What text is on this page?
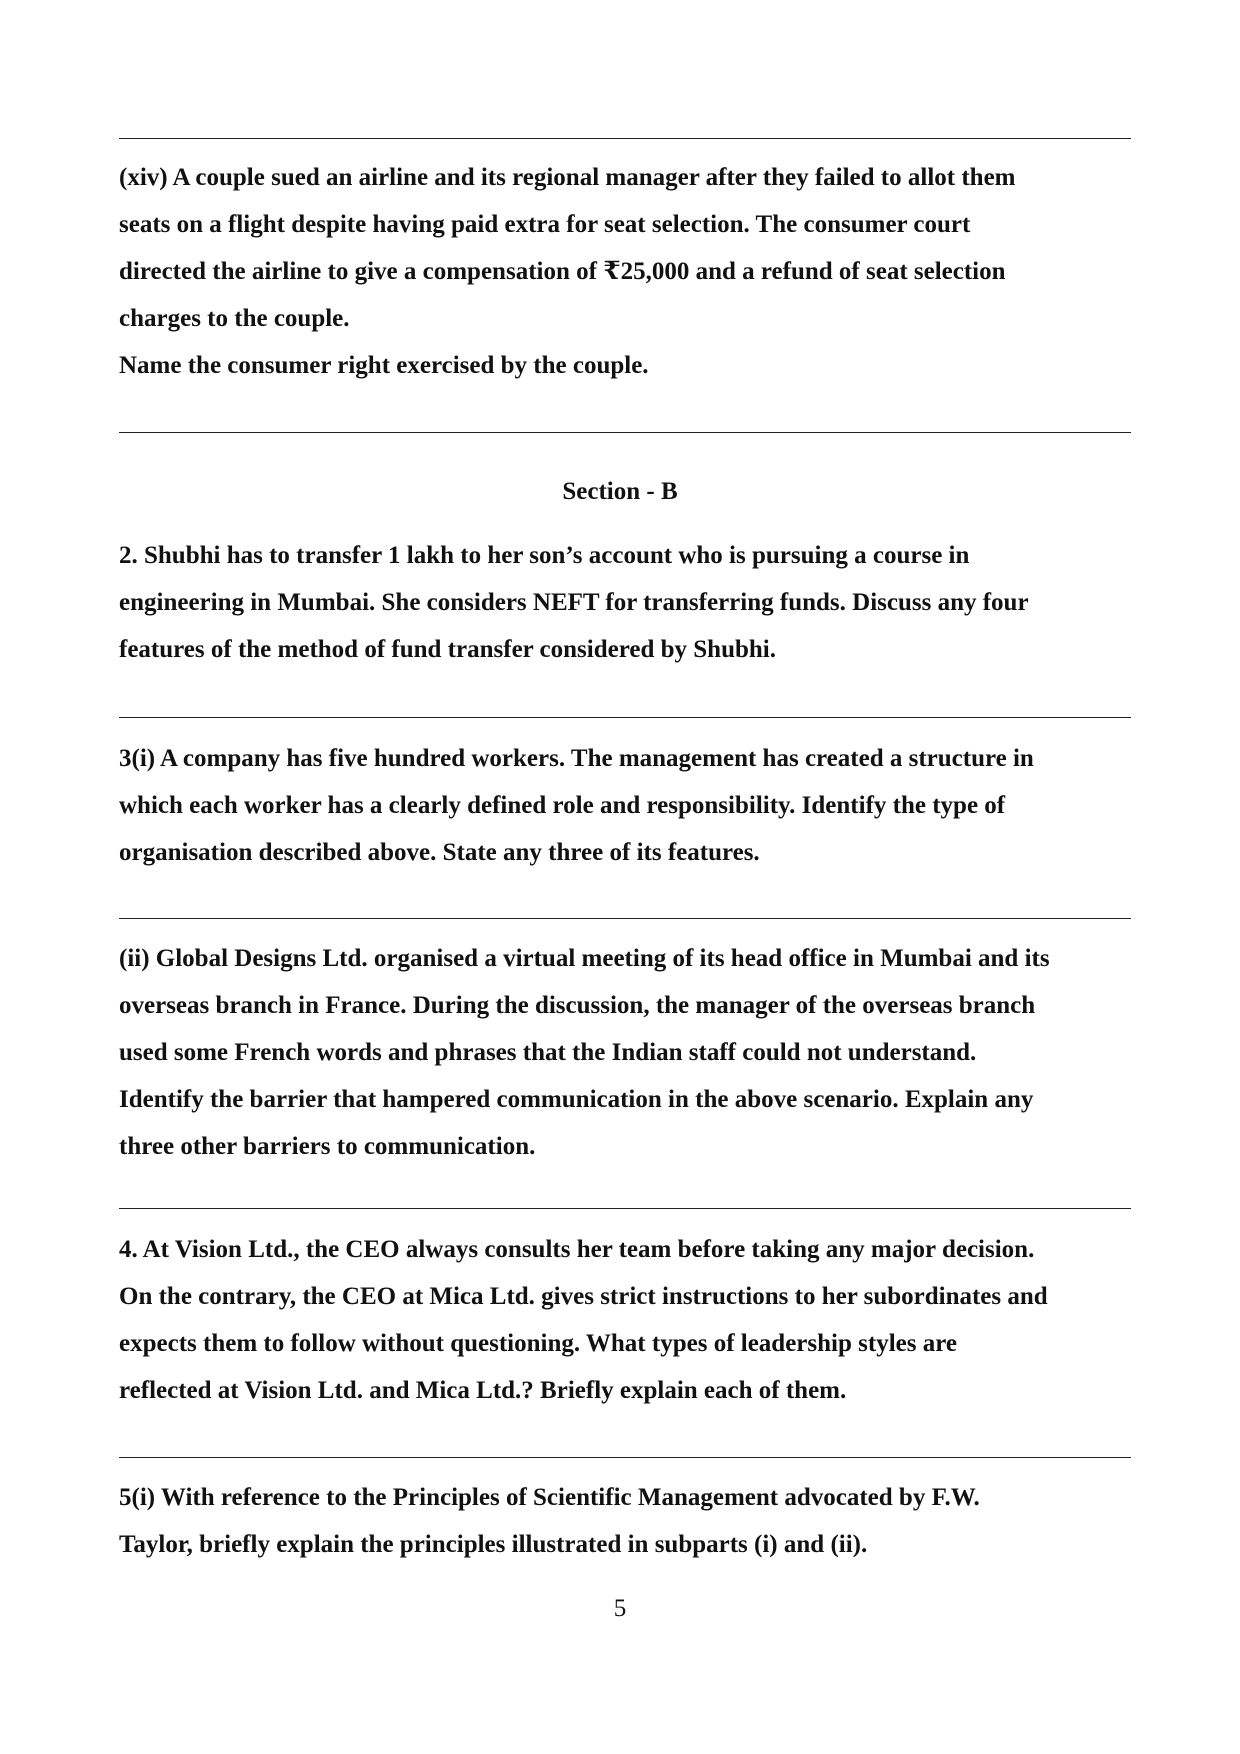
(xiv) A couple sued an airline and its regional manager after they failed to allot them
seats on a flight despite having paid extra for seat selection. The consumer court
directed the airline to give a compensation of ₹25,000 and a refund of seat selection
charges to the couple.
Name the consumer right exercised by the couple.
Section - B
2. Shubhi has to transfer 1 lakh to her son’s account who is pursuing a course in
engineering in Mumbai. She considers NEFT for transferring funds. Discuss any four
features of the method of fund transfer considered by Shubhi.
3(i) A company has five hundred workers. The management has created a structure in
which each worker has a clearly defined role and responsibility. Identify the type of
organisation described above. State any three of its features.
(ii) Global Designs Ltd. organised a virtual meeting of its head office in Mumbai and its
overseas branch in France. During the discussion, the manager of the overseas branch
used some French words and phrases that the Indian staff could not understand.
Identify the barrier that hampered communication in the above scenario. Explain any
three other barriers to communication.
4. At Vision Ltd., the CEO always consults her team before taking any major decision.
On the contrary, the CEO at Mica Ltd. gives strict instructions to her subordinates and
expects them to follow without questioning. What types of leadership styles are
reflected at Vision Ltd. and Mica Ltd.? Briefly explain each of them.
5(i) With reference to the Principles of Scientific Management advocated by F.W.
Taylor, briefly explain the principles illustrated in subparts (i) and (ii).
5
